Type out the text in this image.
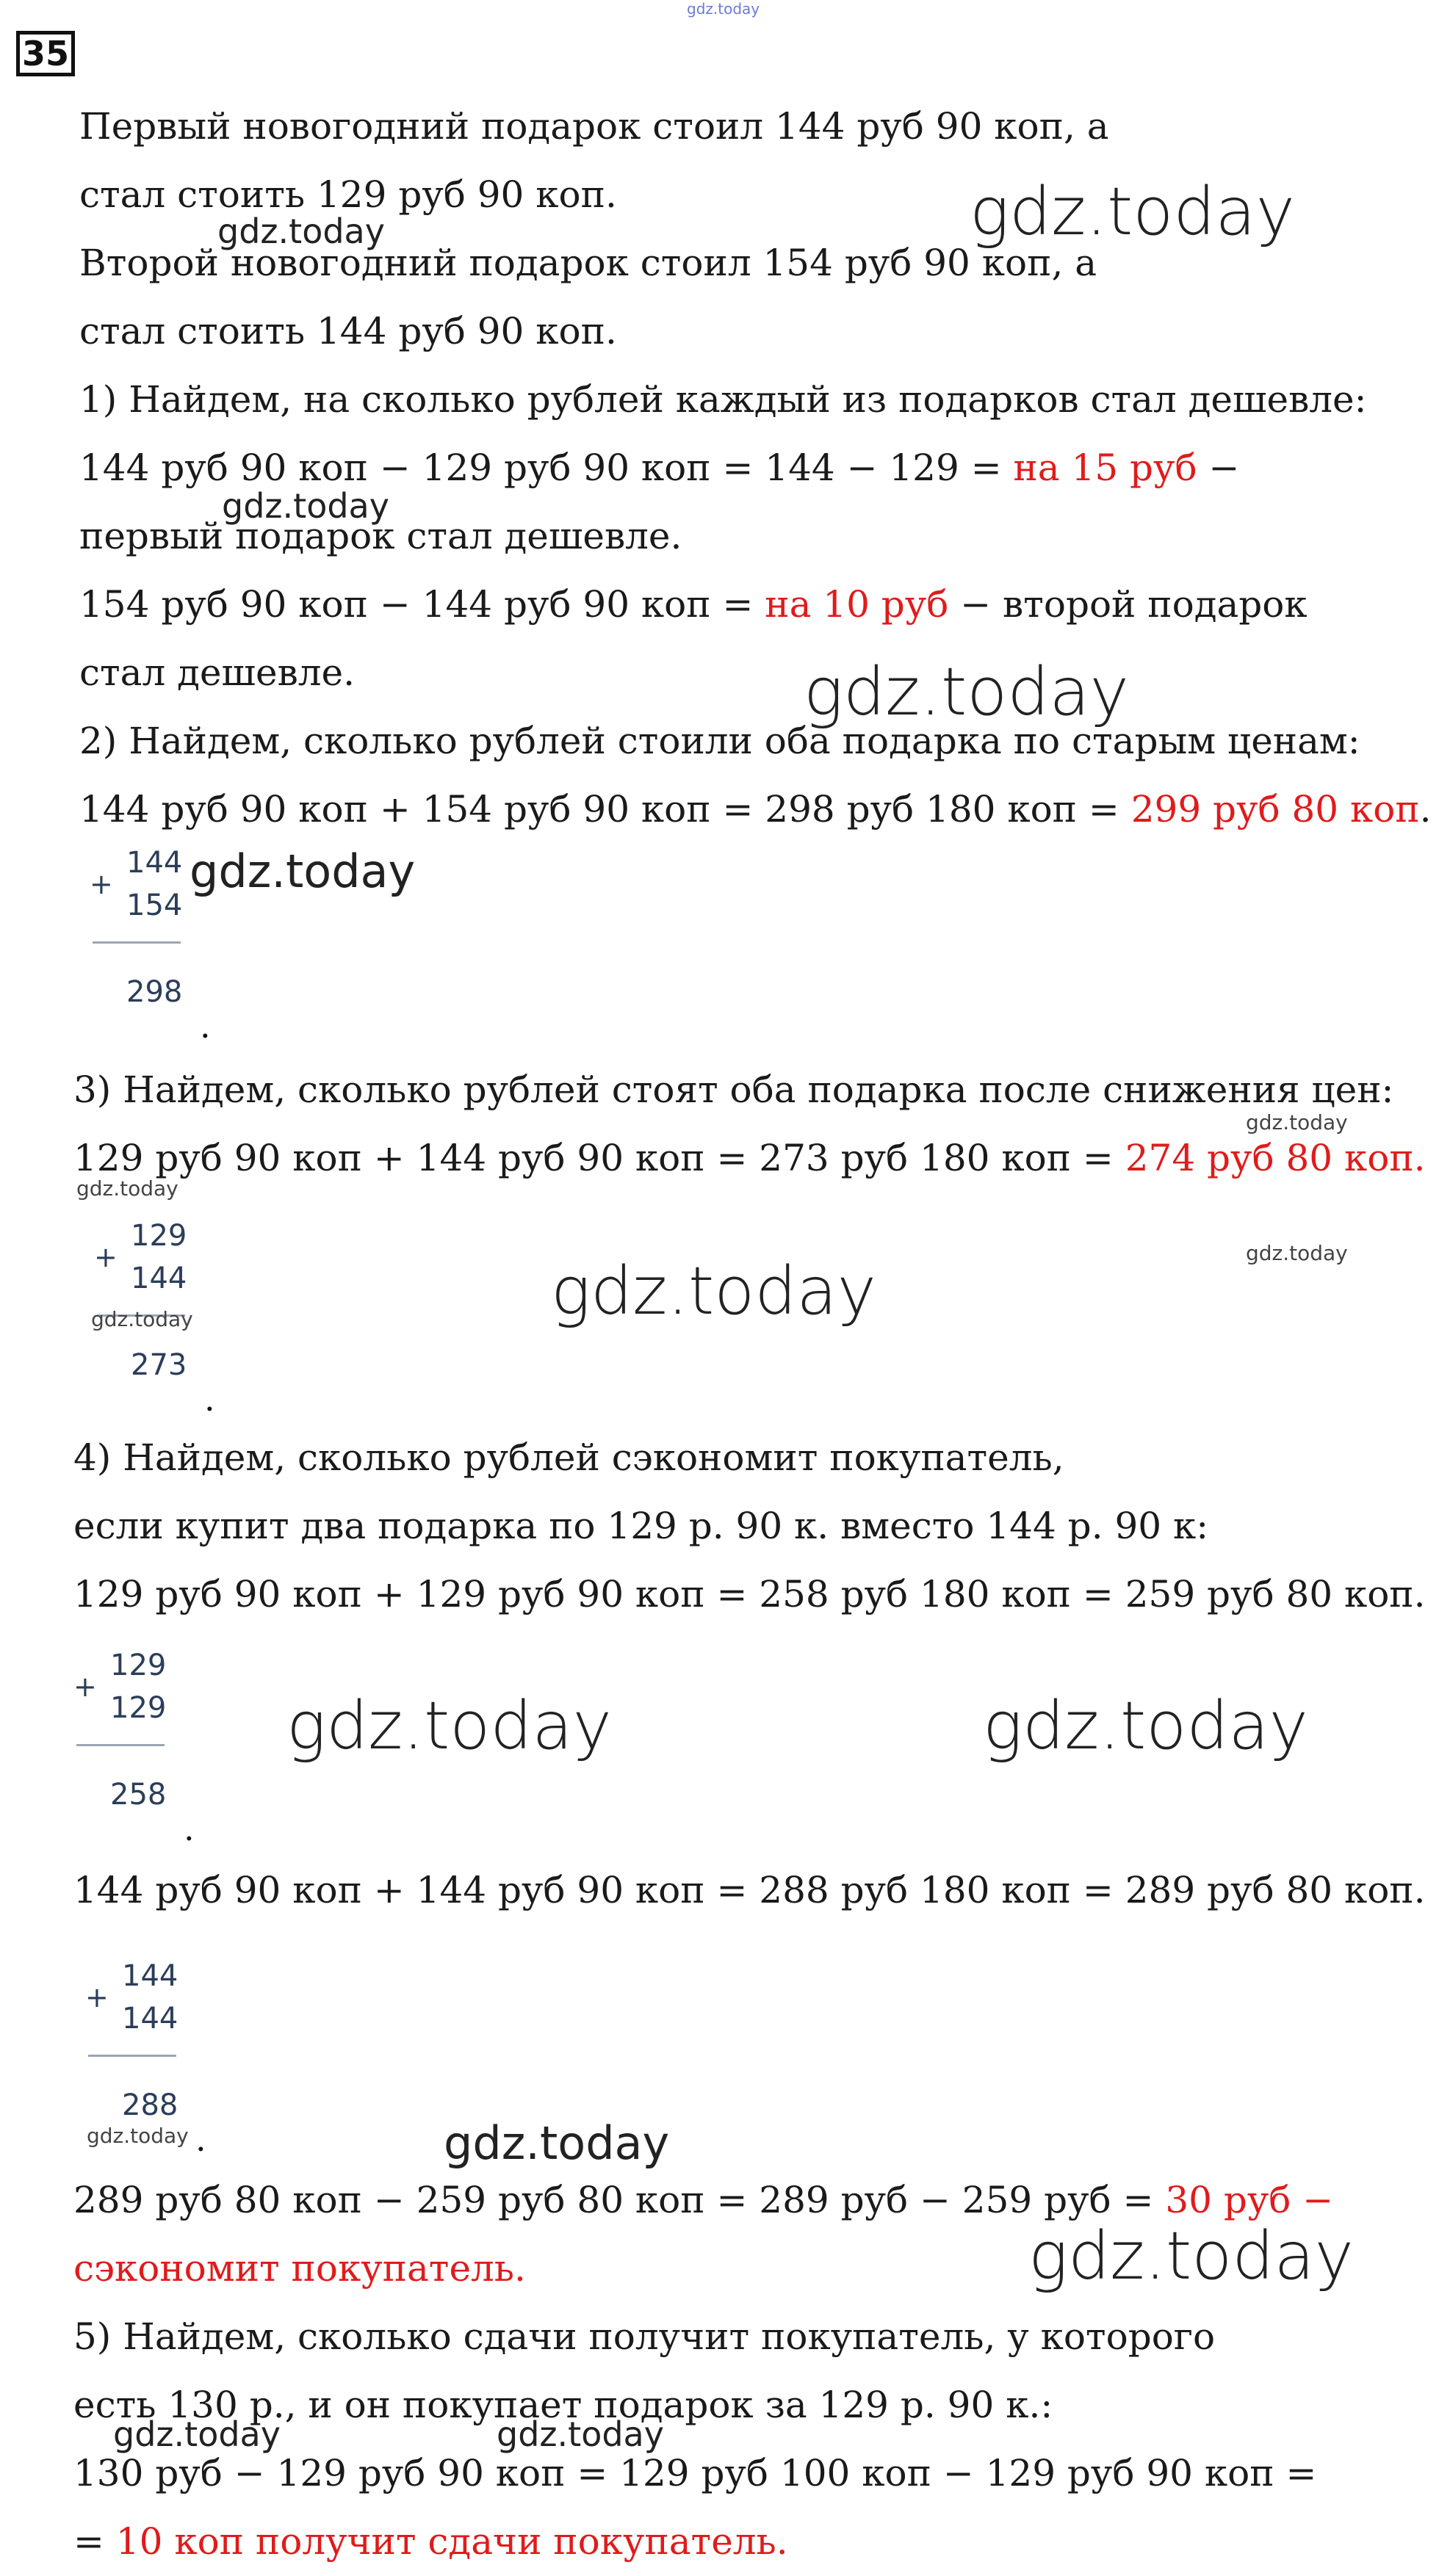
gdz.today
35
Первый новогодний подарок стоил 144 руб 90 коп, а
стал стоить 129 руб 90 коп.
Второй новогодний подарок стоил 154 руб 90 коп, а
стал стоить 144 руб 90 коп.
1) Найдем, на сколько рублей каждый из подарков стал дешевле:
144 руб 90 коп − 129 руб 90 коп = 144 − 129 = на 15 руб −
первый подарок стал дешевле.
154 руб 90 коп − 144 руб 90 коп = на 10 руб − второй подарок
стал дешевле.
2) Найдем, сколько рублей стоили оба подарка по старым ценам:
144 руб 90 коп + 154 руб 90 коп = 298 руб 180 коп = 299 руб 80 коп.
3) Найдем, сколько рублей стоят оба подарка после снижения цен:
129 руб 90 коп + 144 руб 90 коп = 273 руб 180 коп = 274 руб 80 коп.
4) Найдем, сколько рублей сэкономит покупатель,
если купит два подарка по 129 р. 90 к. вместо 144 р. 90 к:
129 руб 90 коп + 129 руб 90 коп = 258 руб 180 коп = 259 руб 80 коп.
144 руб 90 коп + 144 руб 90 коп = 288 руб 180 коп = 289 руб 80 коп.
289 руб 80 коп − 259 руб 80 коп = 289 руб − 259 руб = 30 руб −
сэкономит покупатель.
5) Найдем, сколько сдачи получит покупатель, у которого
есть 130 р., и он покупает подарок за 129 р. 90 к.:
130 руб − 129 руб 90 коп = 129 руб 100 коп − 129 руб 90 коп =
= 10 коп получит сдачи покупатель.
+
144
154
298
.
+
129
144
273
.
+
129
129
258
.
+
144
144
288
.
gdz.today
gdz.today
gdz.today
gdz.today
gdz.today
gdz.today
gdz.today
gdz.today
gdz.today	gdz.today
gdz.today	gdz.today
gdz.today	gdz.today
gdz.today
gdz.today	gdz.today
